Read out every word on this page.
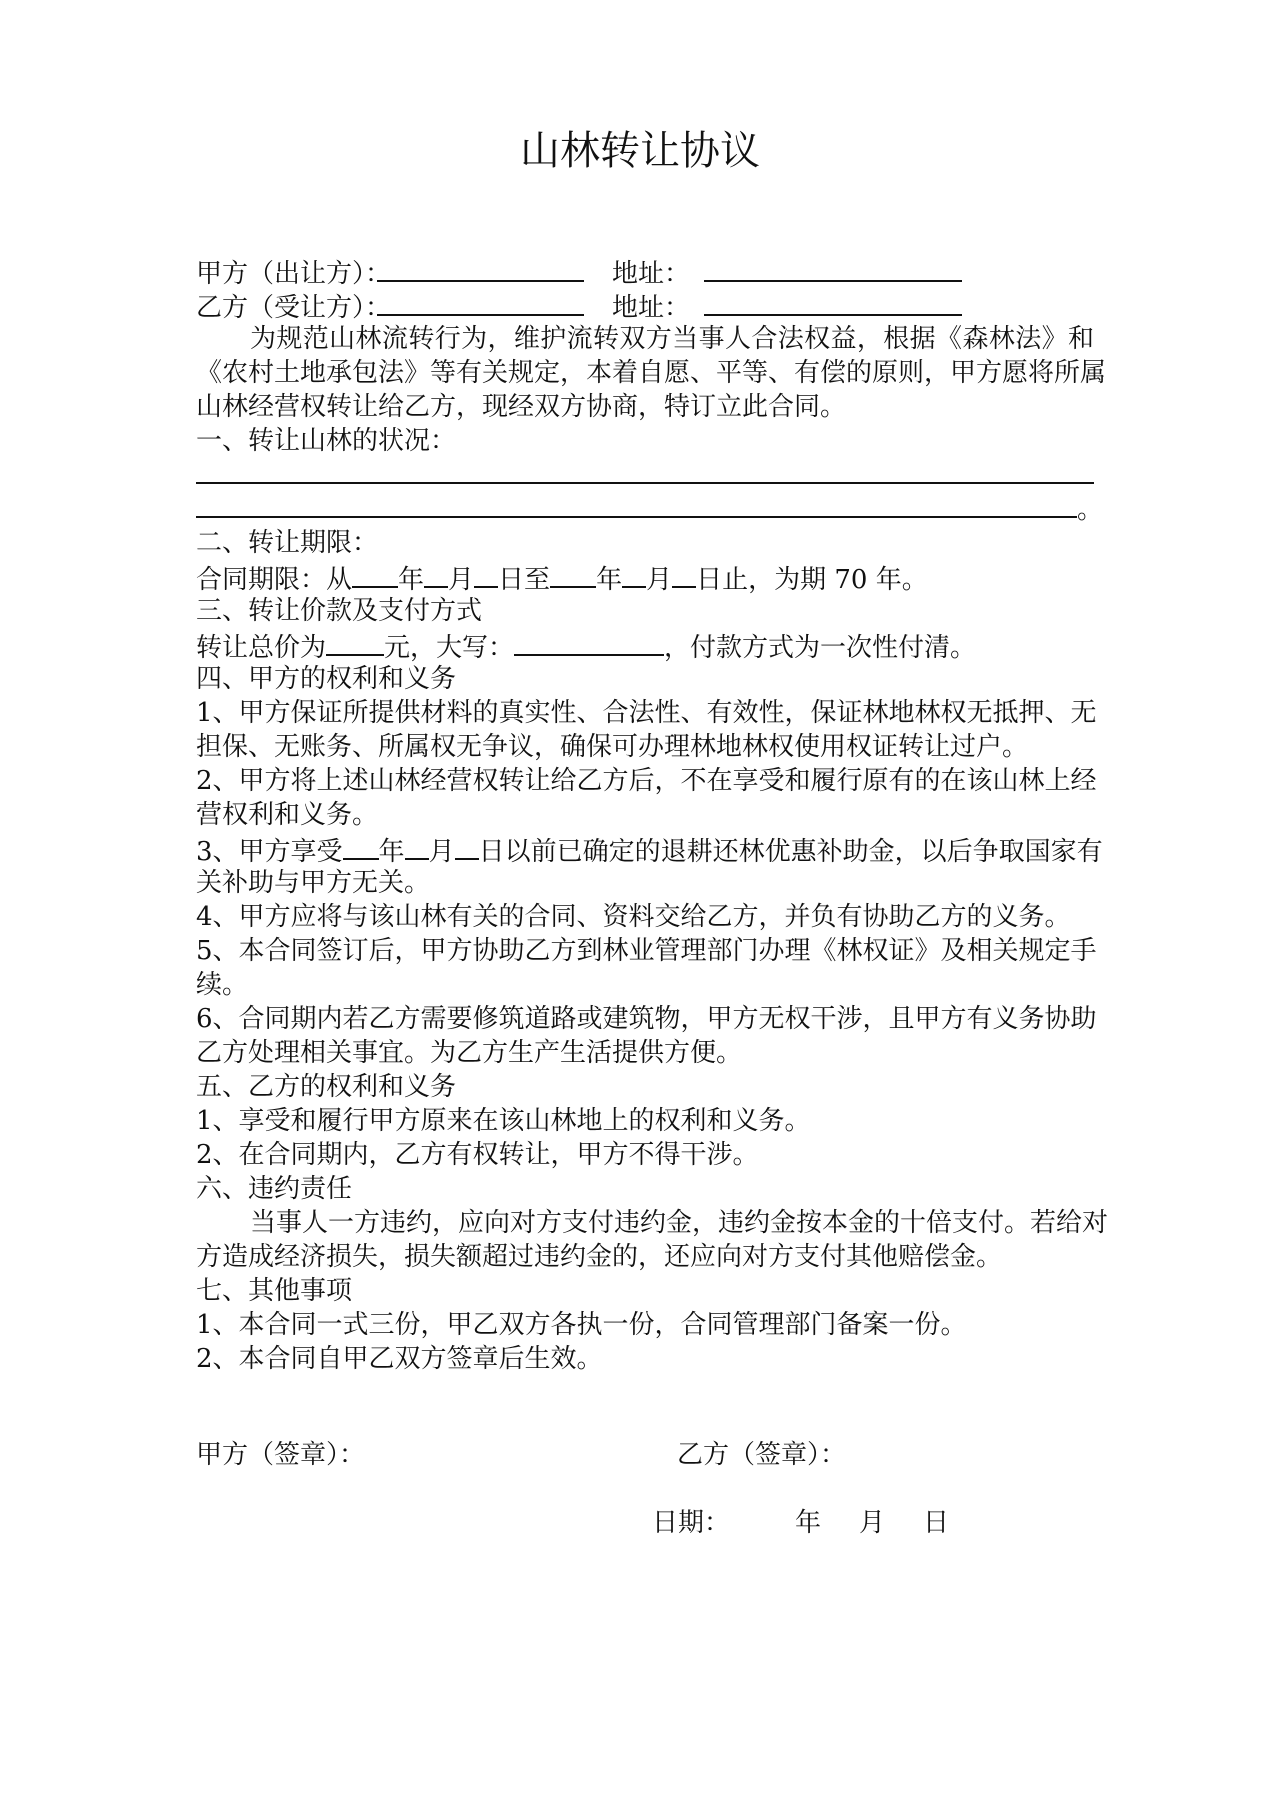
山林转让协议
甲方（出让方）：	地址：
乙方（受让方）：	地址：
为规范山林流转行为，维护流转双方当事人合法权益，根据《森林法》和
《农村土地承包法》等有关规定，本着自愿、平等、有偿的原则，甲方愿将所属
山林经营权转让给乙方，现经双方协商，特订立此合同。
一、转让山林的状况：
。
二、转让期限：
合同期限：从 年 月 日至 年 月 日止，为期 70 年。
三、转让价款及支付方式
转让总价为 元，大写：	，付款方式为一次性付清。
四、甲方的权利和义务
1、甲方保证所提供材料的真实性、合法性、有效性，保证林地林权无抵押、无
担保、无账务、所属权无争议，确保可办理林地林权使用权证转让过户。
2、甲方将上述山林经营权转让给乙方后，不在享受和履行原有的在该山林上经
营权利和义务。
3、甲方享受 年 月 日以前已确定的退耕还林优惠补助金，以后争取国家有
关补助与甲方无关。
4、甲方应将与该山林有关的合同、资料交给乙方，并负有协助乙方的义务。
5、本合同签订后，甲方协助乙方到林业管理部门办理《林权证》及相关规定手
续。
6、合同期内若乙方需要修筑道路或建筑物，甲方无权干涉，且甲方有义务协助
乙方处理相关事宜。为乙方生产生活提供方便。
五、乙方的权利和义务
1、享受和履行甲方原来在该山林地上的权利和义务。
2、在合同期内，乙方有权转让，甲方不得干涉。
六、违约责任
当事人一方违约，应向对方支付违约金，违约金按本金的十倍支付。若给对
方造成经济损失，损失额超过违约金的，还应向对方支付其他赔偿金。
七、其他事项
1、本合同一式三份，甲乙双方各执一份，合同管理部门备案一份。
2、本合同自甲乙双方签章后生效。
甲方（签章）：	乙方（签章）：
日期： 年 月 日
